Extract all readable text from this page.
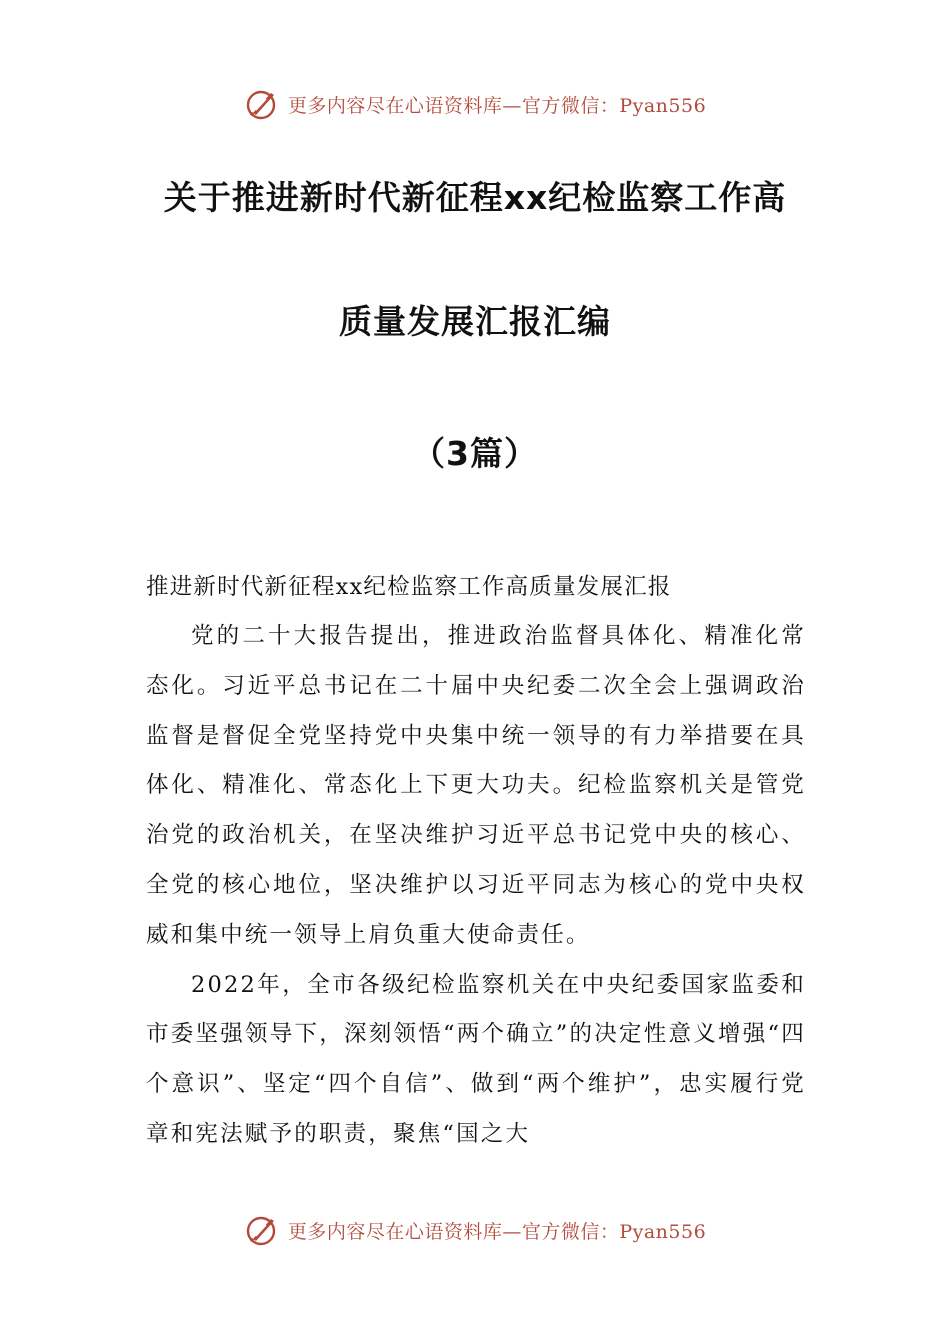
更多内容尽在心语资料库—官方微信：Pyan556
关于推进新时代新征程xx纪检监察工作高
质量发展汇报汇编
（3篇）

推进新时代新征程xx纪检监察工作高质量发展汇报

党的二十大报告提出，推进政治监督具体化、精准化常态化。习近平总书记在二十届中央纪委二次全会上强调政治监督是督促全党坚持党中央集中统一领导的有力举措要在具体化、精准化、常态化上下更大功夫。纪检监察机关是管党治党的政治机关，在坚决维护习近平总书记党中央的核心、全党的核心地位，坚决维护以习近平同志为核心的党中央权威和集中统一领导上肩负重大使命责任。

2022年，全市各级纪检监察机关在中央纪委国家监委和市委坚强领导下，深刻领悟“两个确立”的决定性意义增强“四个意识”、坚定“四个自信”、做到“两个维护”，忠实履行党章和宪法赋予的职责，聚焦“国之大

更多内容尽在心语资料库—官方微信：Pyan556
